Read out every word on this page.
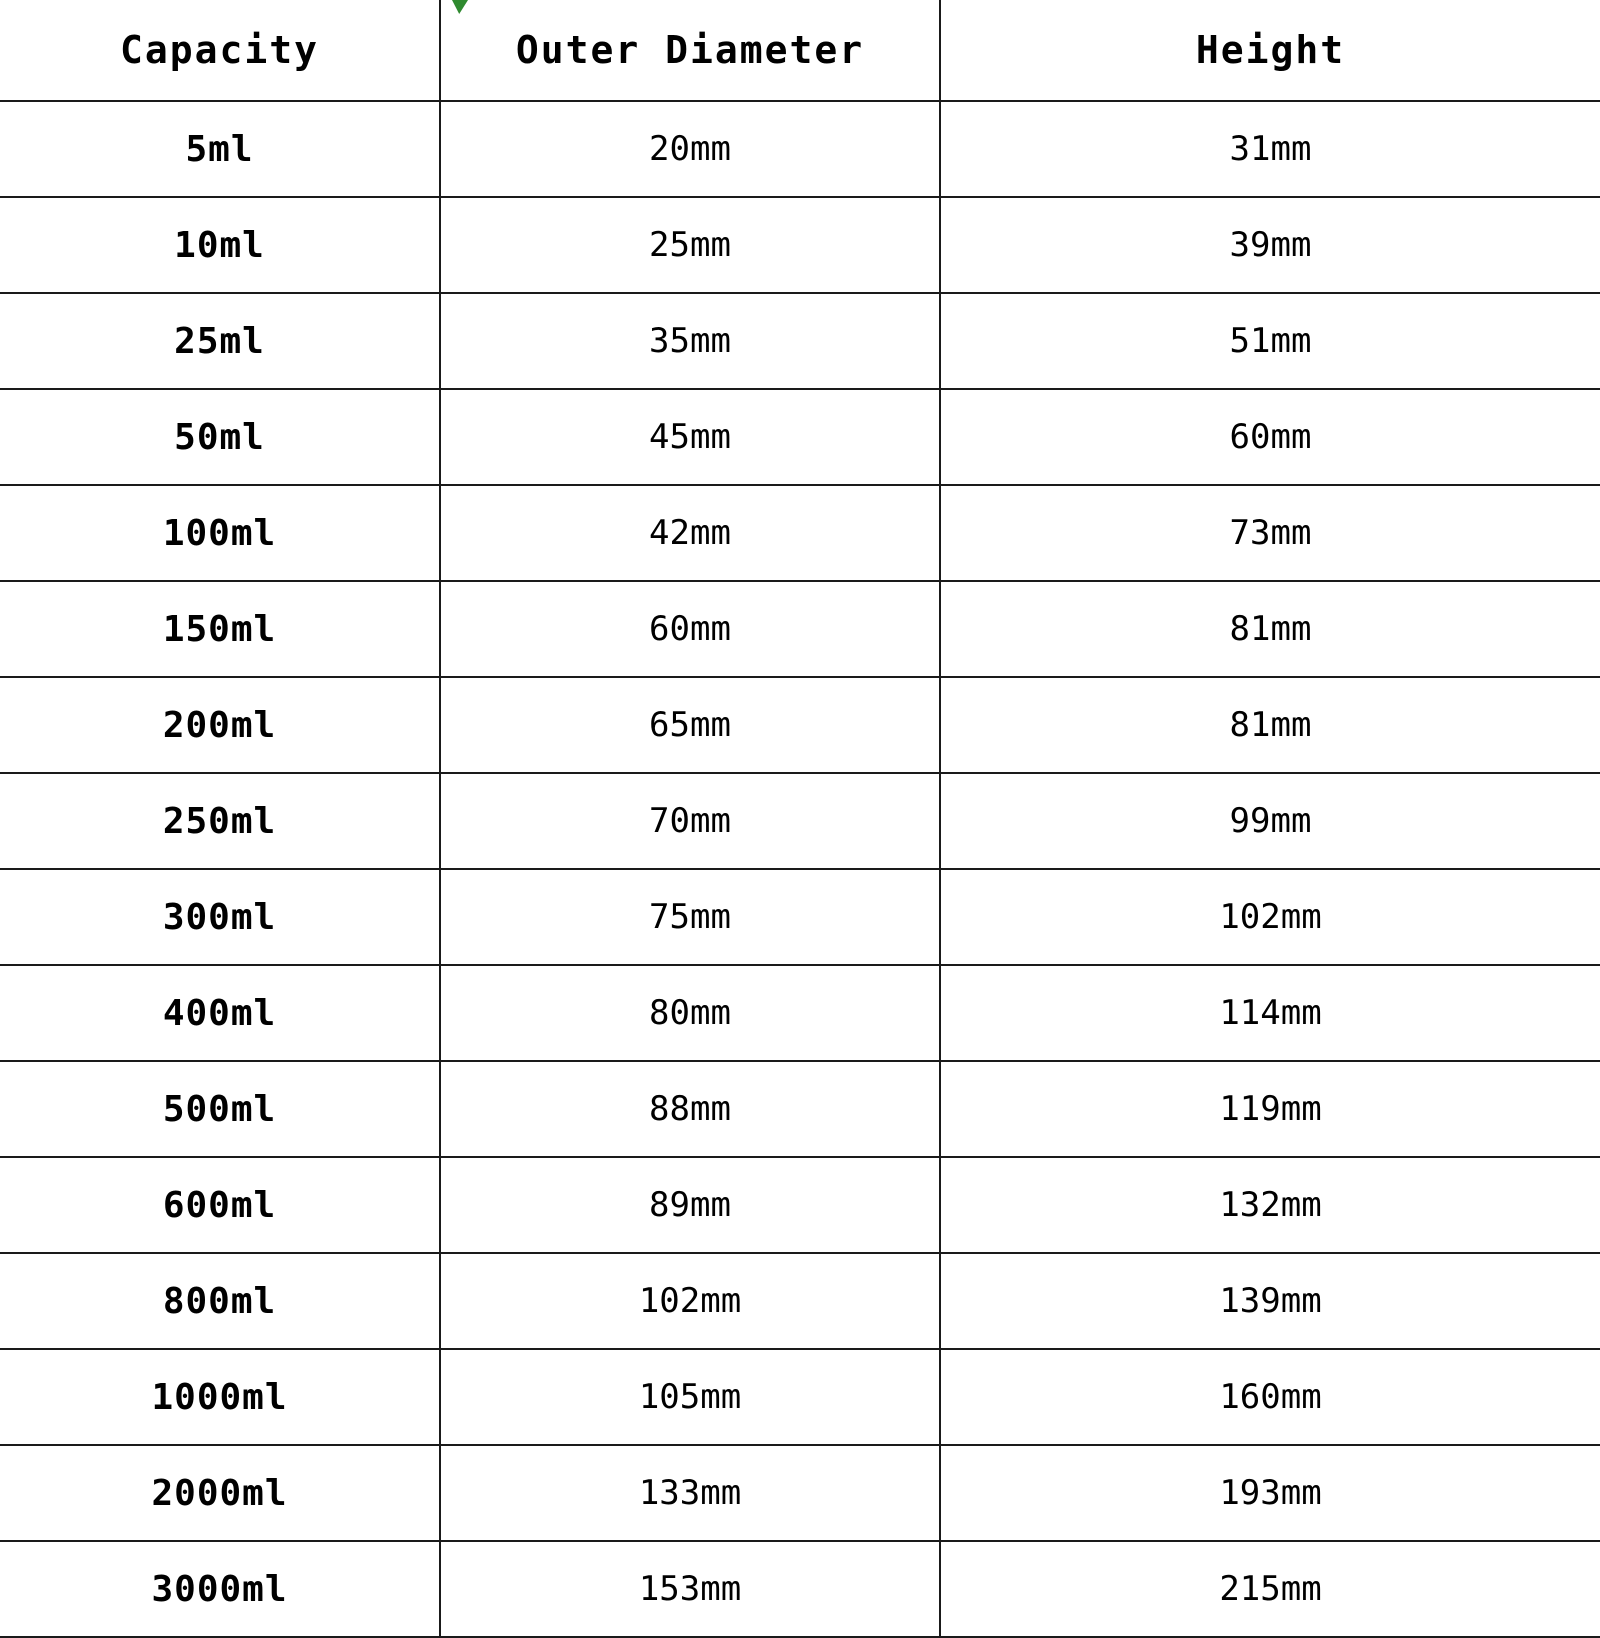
Capacity	Outer Diameter	Height
5ml	20mm	31mm
10ml	25mm	39mm
25ml	35mm	51mm
50ml	45mm	60mm
100ml	42mm	73mm
150ml	60mm	81mm
200ml	65mm	81mm
250ml	70mm	99mm
300ml	75mm	102mm
400ml	80mm	114mm
500ml	88mm	119mm
600ml	89mm	132mm
800ml	102mm	139mm
1000ml	105mm	160mm
2000ml	133mm	193mm
3000ml	153mm	215mm
